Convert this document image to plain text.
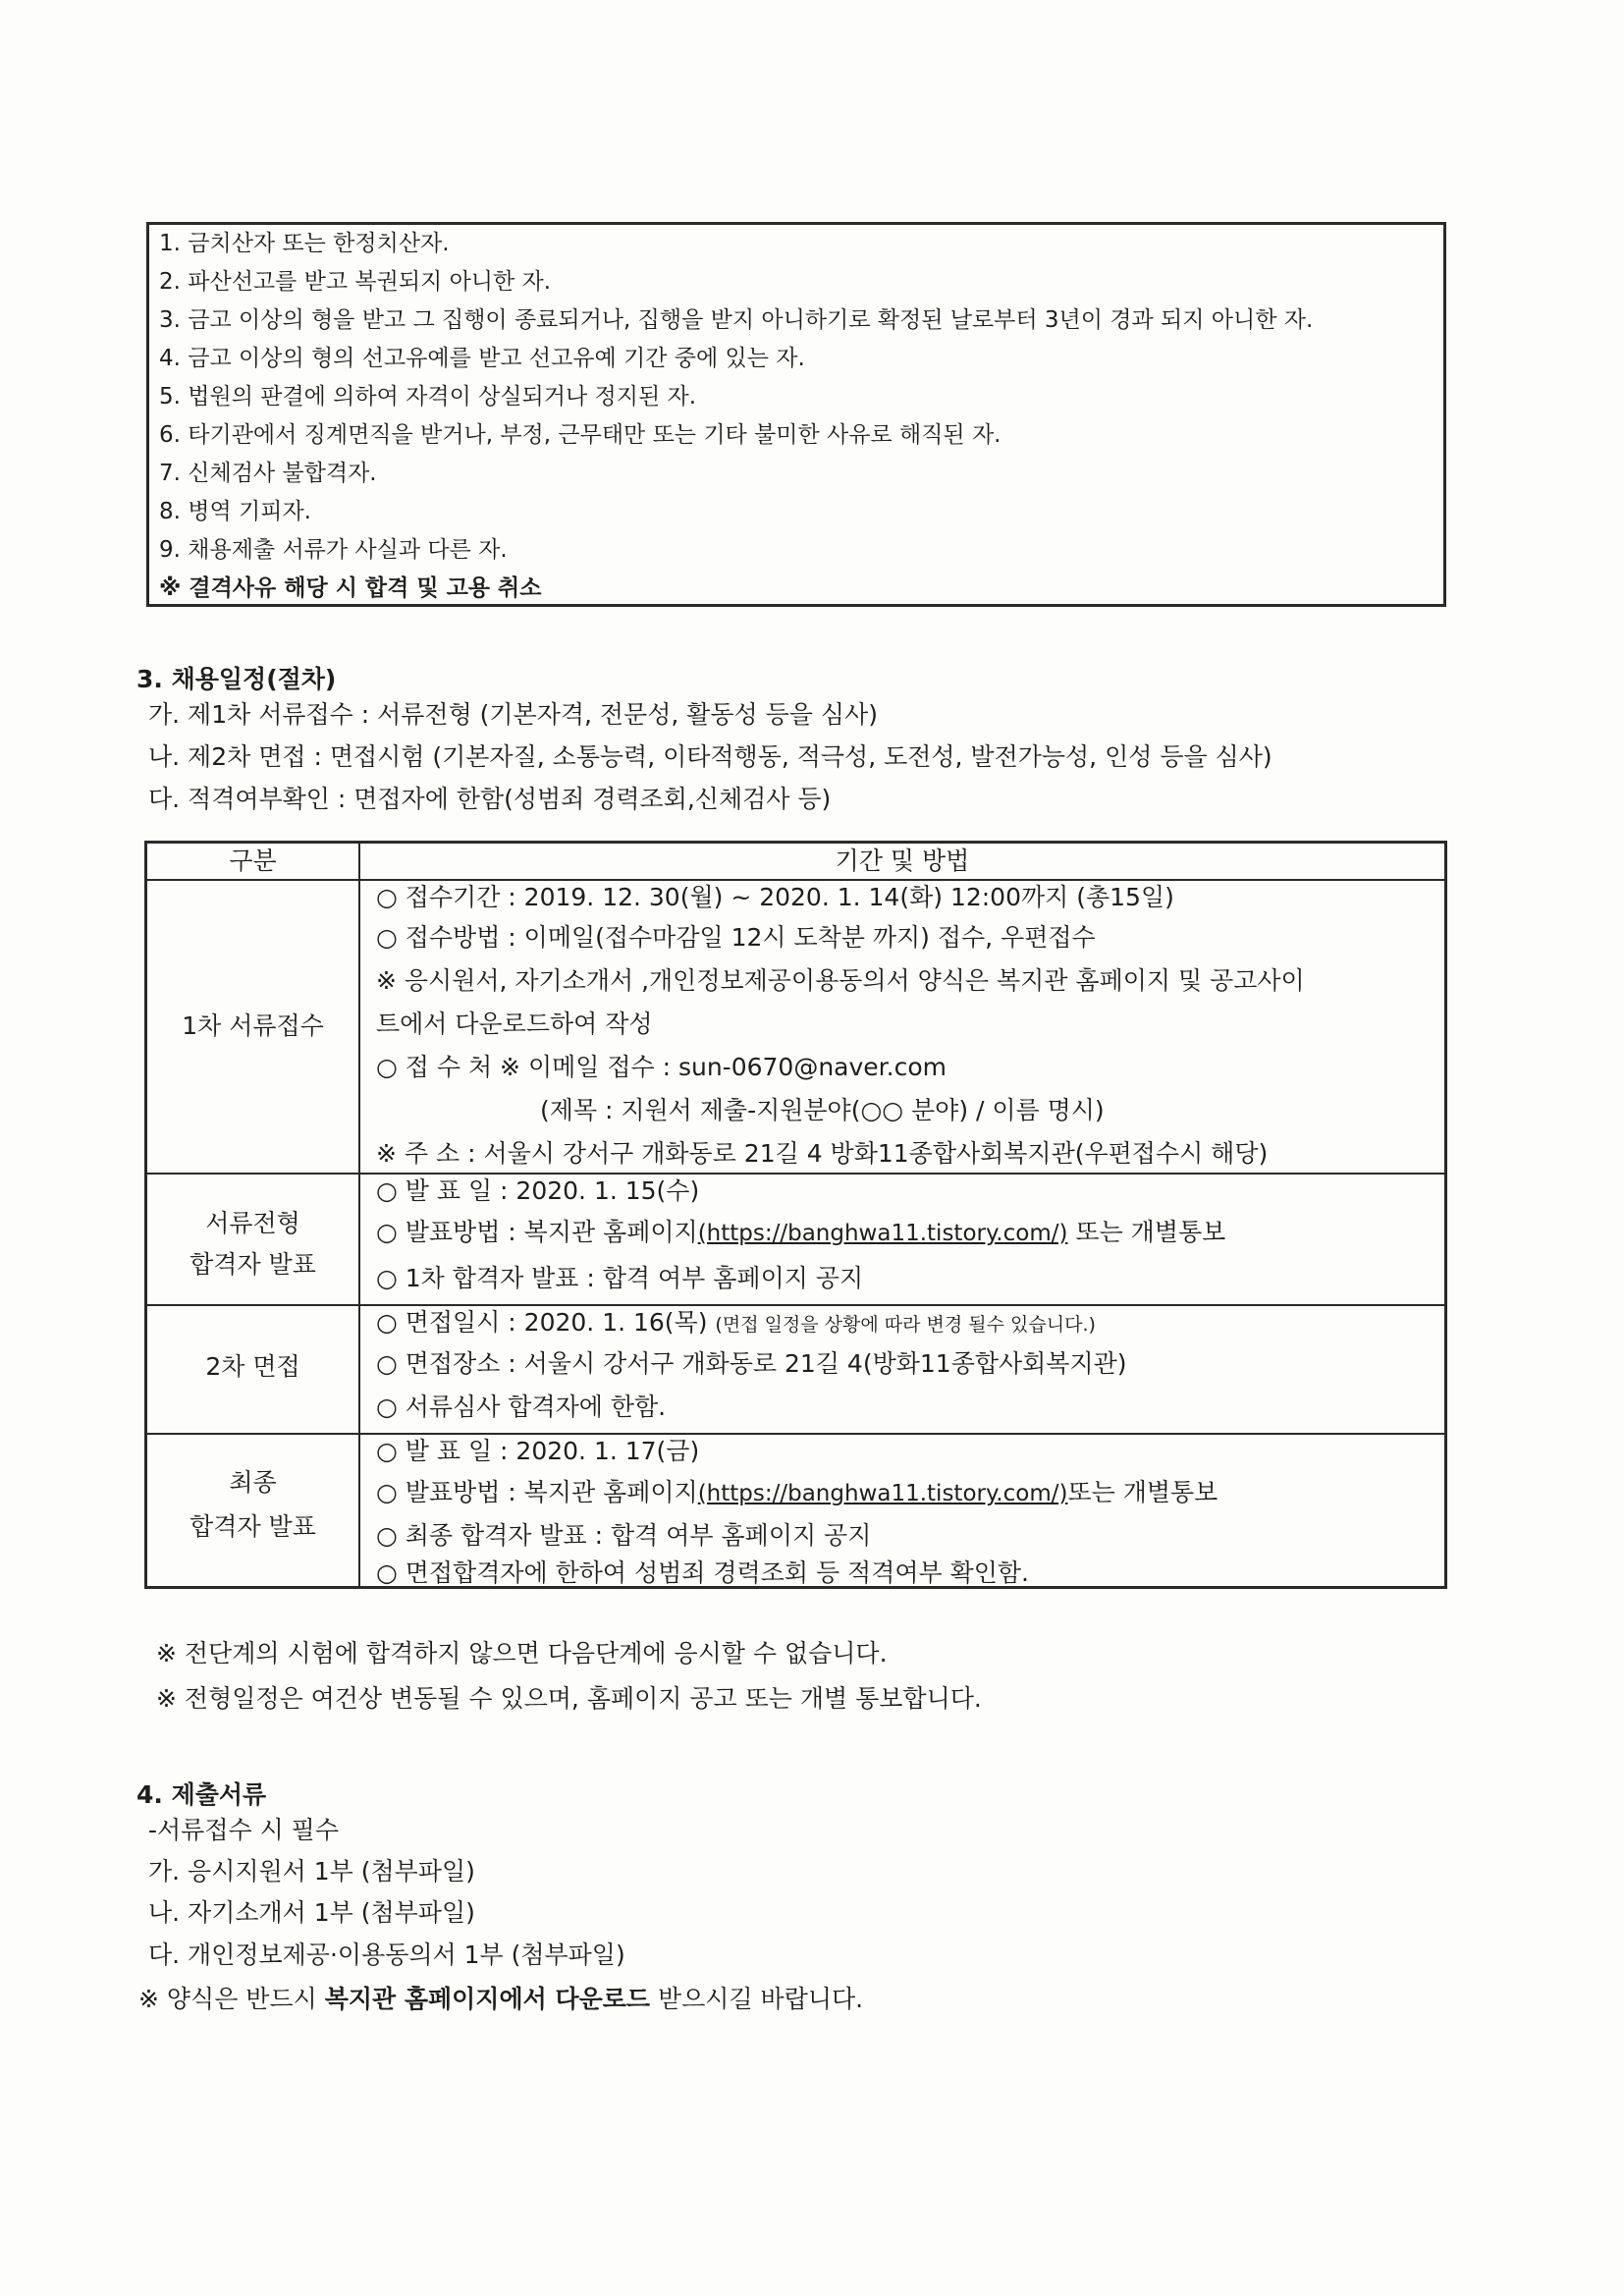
1. 금치산자 또는 한정치산자.
2. 파산선고를 받고 복권되지 아니한 자.
3. 금고 이상의 형을 받고 그 집행이 종료되거나, 집행을 받지 아니하기로 확정된 날로부터 3년이 경과 되지 아니한 자.
4. 금고 이상의 형의 선고유예를 받고 선고유예 기간 중에 있는 자.
5. 법원의 판결에 의하여 자격이 상실되거나 정지된 자.
6. 타기관에서 징계면직을 받거나, 부정, 근무태만 또는 기타 불미한 사유로 해직된 자.
7. 신체검사 불합격자.
8. 병역 기피자.
9. 채용제출 서류가 사실과 다른 자.
※ 결격사유 해당 시 합격 및 고용 취소
3. 채용일정(절차)
가. 제1차 서류접수 : 서류전형 (기본자격, 전문성, 활동성 등을 심사)
나. 제2차 면접 : 면접시험 (기본자질, 소통능력, 이타적행동, 적극성, 도전성, 발전가능성, 인성 등을 심사)
다. 적격여부확인 : 면접자에 한함(성범죄 경력조회,신체검사 등)
구분	기간 및 방법
1차 서류접수
○ 접수기간 : 2019. 12. 30(월) ~ 2020. 1. 14(화) 12:00까지 (총15일)
○ 접수방법 : 이메일(접수마감일 12시 도착분 까지) 접수, 우편접수
※ 응시원서, 자기소개서 ,개인정보제공이용동의서 양식은 복지관 홈페이지 및 공고사이
트에서 다운로드하여 작성
○ 접 수 처 ※ 이메일 접수 : sun-0670@naver.com
(제목 : 지원서 제출-지원분야(○○ 분야) / 이름 명시)
※ 주 소 : 서울시 강서구 개화동로 21길 4 방화11종합사회복지관(우편접수시 해당)
서류전형
합격자 발표
○ 발 표 일 : 2020. 1. 15(수)
○ 발표방법 : 복지관 홈페이지(https://banghwa11.tistory.com/) 또는 개별통보
○ 1차 합격자 발표 : 합격 여부 홈페이지 공지
2차 면접
○ 면접일시 : 2020. 1. 16(목) (면접 일정을 상황에 따라 변경 될수 있습니다.)
○ 면접장소 : 서울시 강서구 개화동로 21길 4(방화11종합사회복지관)
○ 서류심사 합격자에 한함.
최종
합격자 발표
○ 발 표 일 : 2020. 1. 17(금)
○ 발표방법 : 복지관 홈페이지(https://banghwa11.tistory.com/)또는 개별통보
○ 최종 합격자 발표 : 합격 여부 홈페이지 공지
○ 면접합격자에 한하여 성범죄 경력조회 등 적격여부 확인함.
※ 전단계의 시험에 합격하지 않으면 다음단계에 응시할 수 없습니다.
※ 전형일정은 여건상 변동될 수 있으며, 홈페이지 공고 또는 개별 통보합니다.
4. 제출서류
-서류접수 시 필수
가. 응시지원서 1부 (첨부파일)
나. 자기소개서 1부 (첨부파일)
다. 개인정보제공·이용동의서 1부 (첨부파일)
※ 양식은 반드시 복지관 홈페이지에서 다운로드 받으시길 바랍니다.
